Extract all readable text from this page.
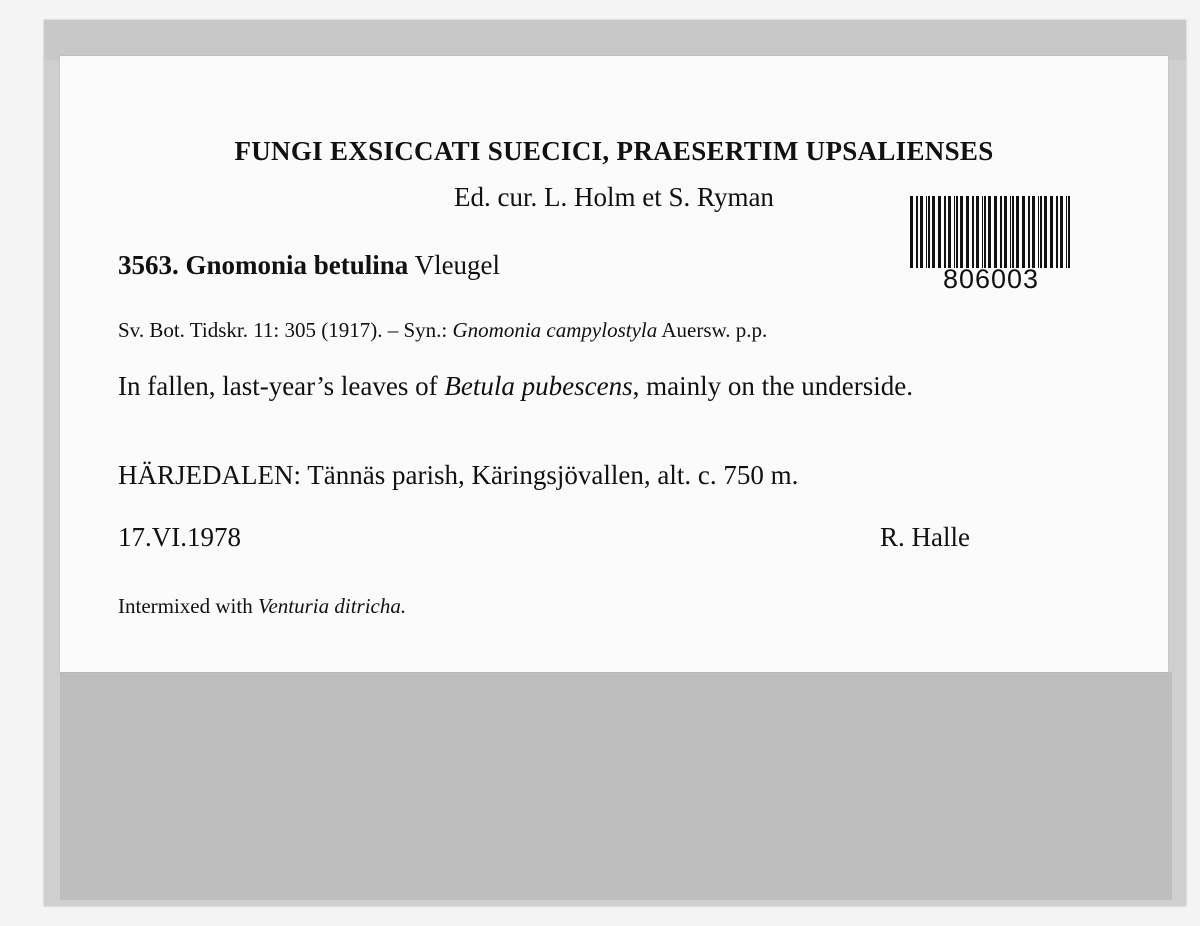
FUNGI EXSICCATI SUECICI, PRAESERTIM UPSALIENSES
Ed. cur. L. Holm et S. Ryman
806003
3563. Gnomonia betulina Vleugel
Sv. Bot. Tidskr. 11: 305 (1917). – Syn.: Gnomonia campylostyla Auersw. p.p.
In fallen, last-year’s leaves of Betula pubescens, mainly on the underside.
HÄRJEDALEN: Tännäs parish, Käringsjövallen, alt. c. 750 m.
17.VI.1978	R. Halle
Intermixed with Venturia ditricha.
